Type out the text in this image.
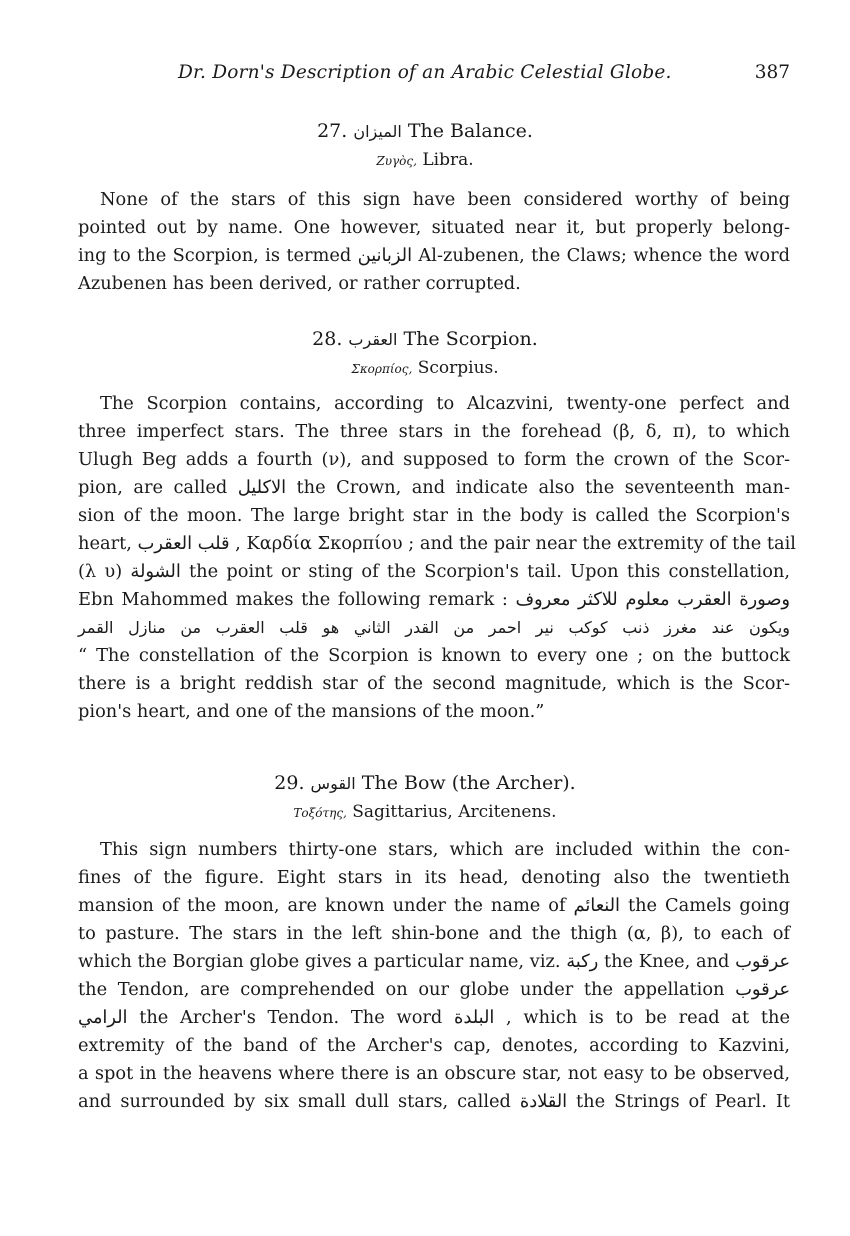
Dr. Dorn's Description of an Arabic Celestial Globe.	387
27. الميزان The Balance.
Ζυγὸς, Libra.
None of the stars of this sign have been considered worthy of being
pointed out by name. One however, situated near it, but properly belong-
ing to the Scorpion, is termed الزبانين Al-zubenen, the Claws; whence the word
Azubenen has been derived, or rather corrupted.
28. العقرب The Scorpion.
Σκορπίος, Scorpius.
The Scorpion contains, according to Alcazvini, twenty-one perfect and
three imperfect stars. The three stars in the forehead (β, δ, π), to which
Ulugh Beg adds a fourth (ν), and supposed to form the crown of the Scor-
pion, are called الاكليل the Crown, and indicate also the seventeenth man-
sion of the moon. The large bright star in the body is called the Scorpion's
heart, قلب العقرب , Καρδία Σκορπίου ; and the pair near the extremity of the tail
(λ υ) الشولة the point or sting of the Scorpion's tail. Upon this constellation,
Ebn Mahommed makes the following remark : وصورة العقرب معلوم للاكثر معروف
ويكون عند مغرز ذنب كوكب نير احمر من القدر الثاني هو قلب العقرب من منازل القمر
“ The constellation of the Scorpion is known to every one ; on the buttock
there is a bright reddish star of the second magnitude, which is the Scor-
pion's heart, and one of the mansions of the moon.”
29. القوس The Bow (the Archer).
Τοξότης, Sagittarius, Arcitenens.
This sign numbers thirty-one stars, which are included within the con-
fines of the figure. Eight stars in its head, denoting also the twentieth
mansion of the moon, are known under the name of النعائم the Camels going
to pasture. The stars in the left shin-bone and the thigh (α, β), to each of
which the Borgian globe gives a particular name, viz. ركبة the Knee, and عرقوب
the Tendon, are comprehended on our globe under the appellation عرقوب
الرامي the Archer's Tendon. The word البلدة , which is to be read at the
extremity of the band of the Archer's cap, denotes, according to Kazvini,
a spot in the heavens where there is an obscure star, not easy to be observed,
and surrounded by six small dull stars, called القلادة the Strings of Pearl. It
